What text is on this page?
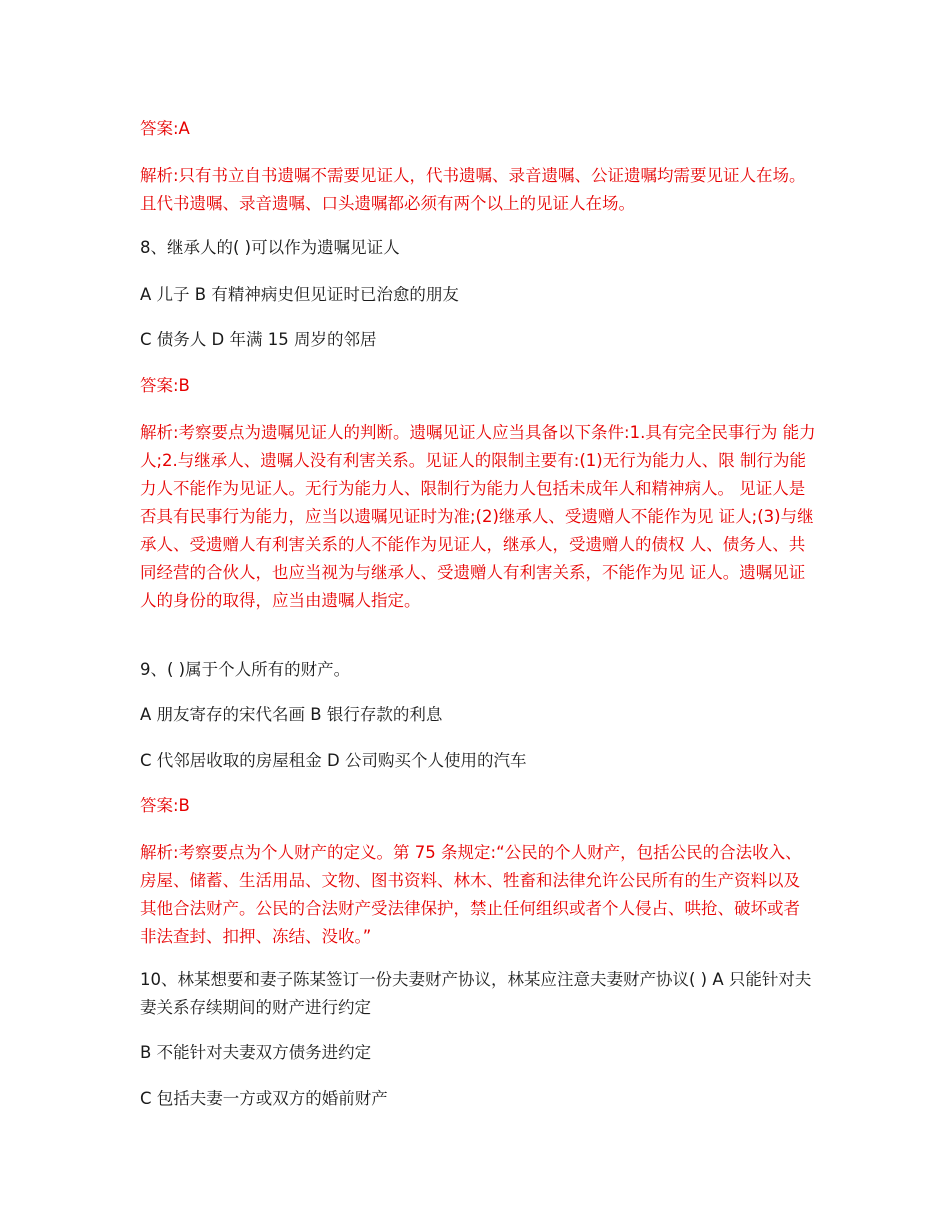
答案:A

解析:只有书立自书遗嘱不需要见证人，代书遗嘱、录音遗嘱、公证遗嘱均需要见证人在场。 且代书遗嘱、录音遗嘱、口头遗嘱都必须有两个以上的见证人在场。

8、继承人的( )可以作为遗嘱见证人

A 儿子 B 有精神病史但见证时已治愈的朋友

C 债务人 D 年满 15 周岁的邻居

答案:B

解析:考察要点为遗嘱见证人的判断。遗嘱见证人应当具备以下条件:1.具有完全民事行为 能力人;2.与继承人、遗嘱人没有利害关系。见证人的限制主要有:(1)无行为能力人、限 制行为能力人不能作为见证人。无行为能力人、限制行为能力人包括未成年人和精神病人。 见证人是否具有民事行为能力，应当以遗嘱见证时为准;(2)继承人、受遗赠人不能作为见 证人;(3)与继承人、受遗赠人有利害关系的人不能作为见证人，继承人，受遗赠人的债权 人、债务人、共同经营的合伙人，也应当视为与继承人、受遗赠人有利害关系，不能作为见 证人。遗嘱见证人的身份的取得，应当由遗嘱人指定。

9、( )属于个人所有的财产。

A 朋友寄存的宋代名画 B 银行存款的利息

C 代邻居收取的房屋租金 D 公司购买个人使用的汽车

答案:B

解析:考察要点为个人财产的定义。第 75 条规定:“公民的个人财产，包括公民的合法收入、房屋、储蓄、生活用品、文物、图书资料、林木、牲畜和法律允许公民所有的生产资料以及其他合法财产。公民的合法财产受法律保护，禁止任何组织或者个人侵占、哄抢、破坏或者非法查封、扣押、冻结、没收。”

10、林某想要和妻子陈某签订一份夫妻财产协议，林某应注意夫妻财产协议( ) A 只能针对夫妻关系存续期间的财产进行约定

B 不能针对夫妻双方债务进约定

C 包括夫妻一方或双方的婚前财产
